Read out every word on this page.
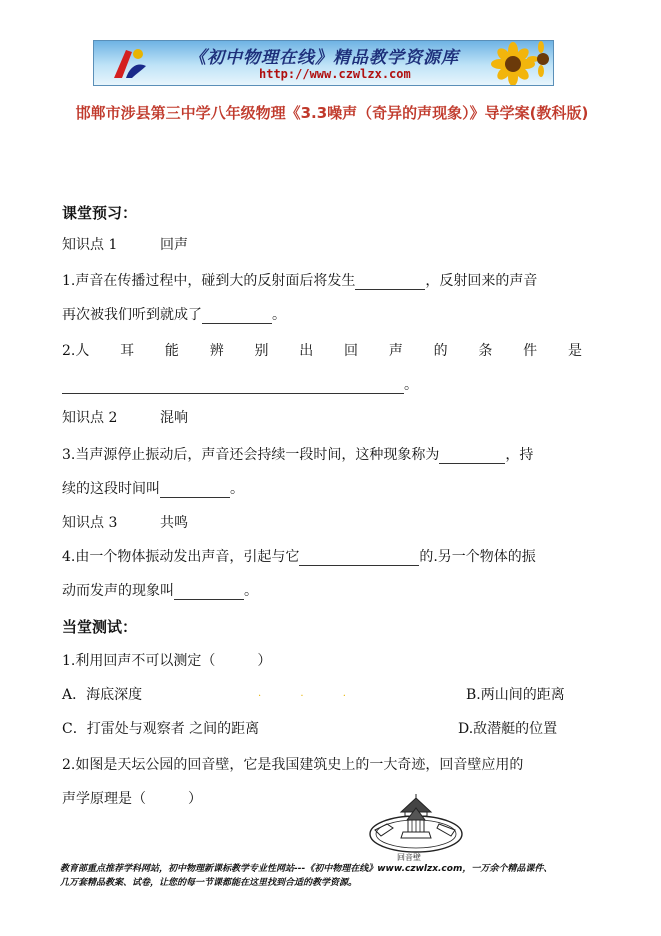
《初中物理在线》精品教学资源库
http://www.czwlzx.com
邯郸市涉县第三中学八年级物理《3.3噪声（奇异的声现象）》导学案(教科版)
课堂预习：
知识点 1	回声
1.声音在传播过程中，碰到大的反射面后将发生	，反射回来的声音
再次被我们听到就成了	。
2.人 耳 能 辨 别 出 回 声 的 条 件 是
。
知识点 2	混响
3.当声源停止振动后，声音还会持续一段时间，这种现象称为	，持
续的这段时间叫	。
知识点 3	共鸣
4.由一个物体振动发出声音，引起与它	的.另一个物体的振
动而发声的现象叫	。
当堂测试：
1.利用回声不可以测定（　　　）
A．海底深度	. . .	B.两山间的距离
C．打雷处与观察者 之间的距离	D.敌潜艇的位置
2.如图是天坛公园的回音壁，它是我国建筑史上的一大奇迹，回音壁应用的
声学原理是（　　　）
回音壁
教育部重点推荐学科网站，初中物理新课标教学专业性网站---《初中物理在线》www.czwlzx.com，一万余个精品课件、
几万套精品教案、试卷，让您的每一节课都能在这里找到合适的教学资源。
